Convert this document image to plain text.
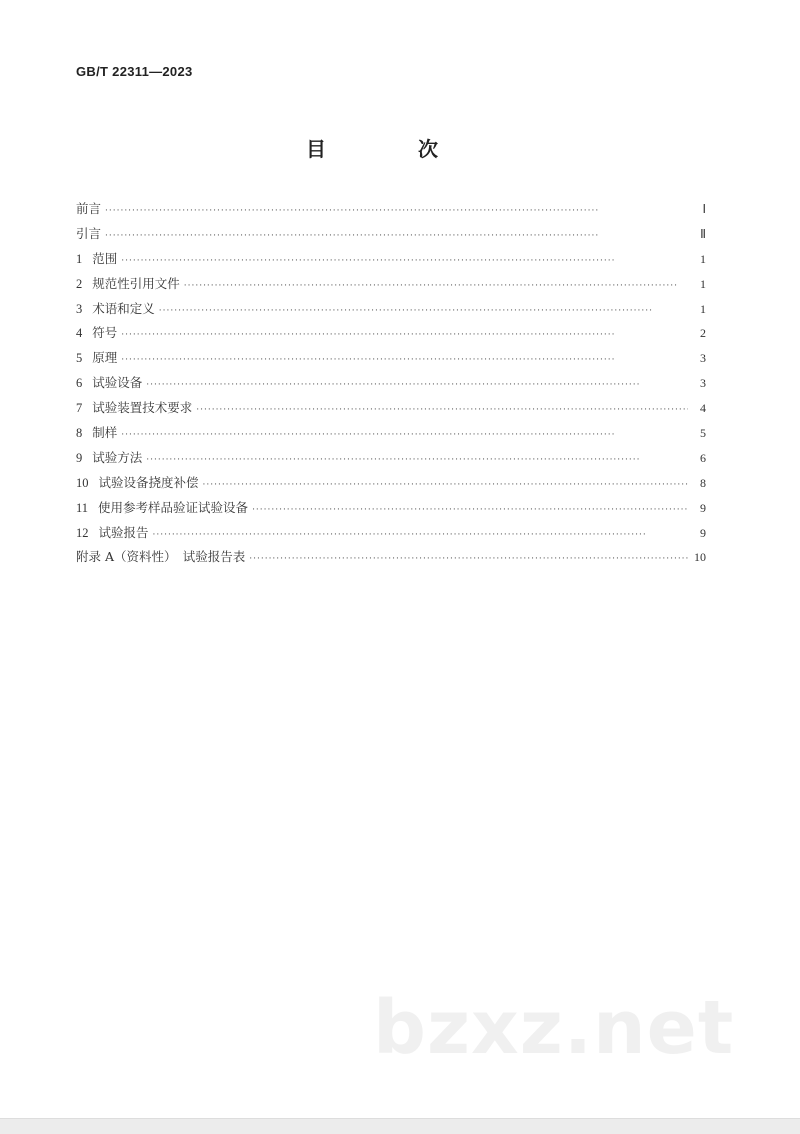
GB/T 22311—2023
目　次
前言 ·····	Ⅰ
引言 ·····	Ⅱ
1 范围 ·····	1
2 规范性引用文件 ·····	1
3 术语和定义 ·····	1
4 符号 ·····	2
5 原理 ·····	3
6 试验设备 ·····	3
7 试验装置技术要求 ·····	4
8 制样 ·····	5
9 试验方法 ·····	6
10 试验设备挠度补偿 ·····	8
11 使用参考样品验证试验设备 ·····	9
12 试验报告 ·····	9
附录 A（资料性）　试验报告表 ·····	10
bzxz.net
